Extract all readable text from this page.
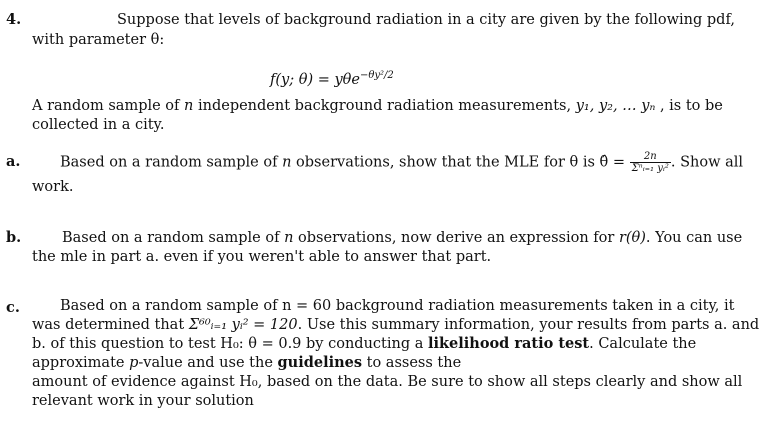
4.	Suppose that levels of background radiation in a city are given by the following pdf,
with parameter θ:
f(y; θ) = yθe$^{-\theta y^2/2}$
A random sample of n independent background radiation measurements, y₁, y₂, … yₙ , is to be
collected in a city.
a.	Based on a random sample of n observations, show that the MLE for θ is θ̂ = $\frac{2n}{\text{Σⁿᵢ₌₁ yᵢ²}}$ . Show all
work.
b.	Based on a random sample of n observations, now derive an expression for r(θ). You can use
the mle in part a. even if you weren't able to answer that part.
c.	Based on a random sample of n = 60 background radiation measurements taken in a city, it
was determined that Σ⁶⁰ᵢ₌₁ yᵢ² = 120. Use this summary information, your results from parts a. and
b. of this question to test H₀: θ = 0.9 by conducting a likelihood ratio test. Calculate the
approximate p-value and use the guidelines to assess the
amount of evidence against H₀, based on the data. Be sure to show all steps clearly and show all
relevant work in your solution
